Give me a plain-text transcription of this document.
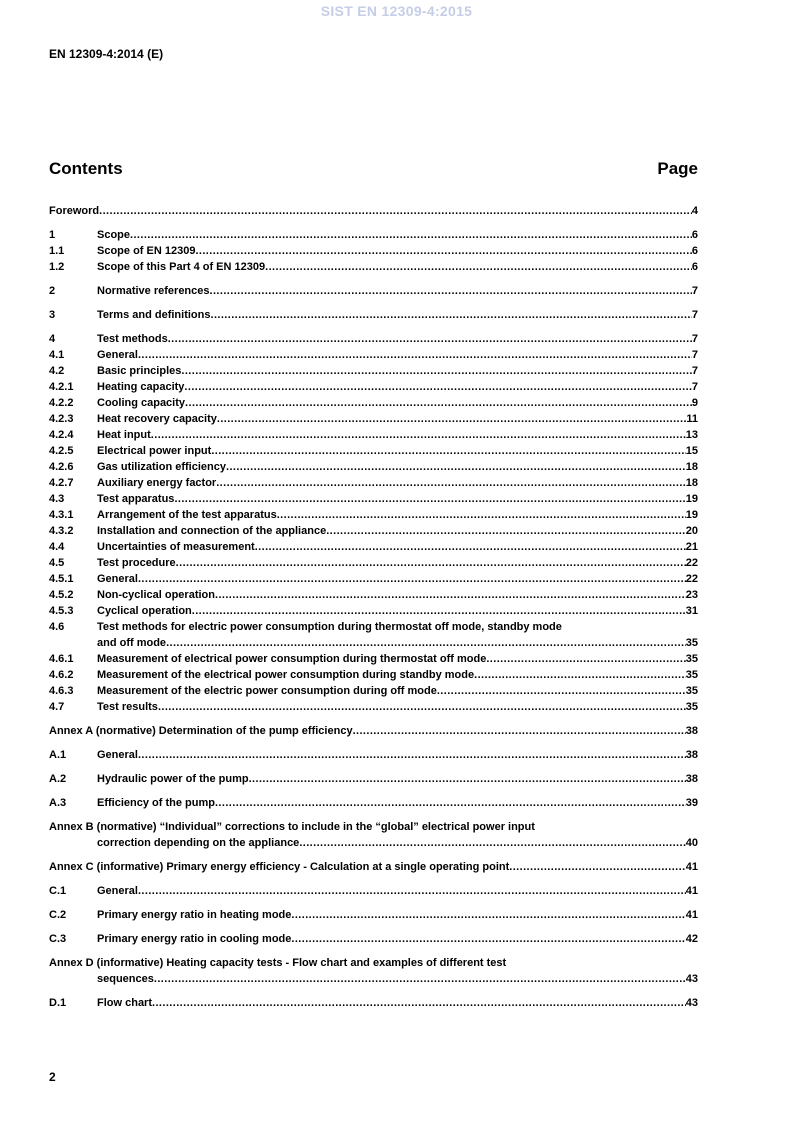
SIST EN 12309-4:2015
EN 12309-4:2014 (E)
Contents	Page
Foreword .....	4
1	Scope .....	6
1.1	Scope of EN 12309 .....	6
1.2	Scope of this Part 4 of EN 12309 .....	6
2	Normative references .....	7
3	Terms and definitions .....	7
4	Test methods .....	7
4.1	General .....	7
4.2	Basic principles .....	7
4.2.1	Heating capacity .....	7
4.2.2	Cooling capacity .....	9
4.2.3	Heat recovery capacity .....	11
4.2.4	Heat input .....	13
4.2.5	Electrical power input .....	15
4.2.6	Gas utilization efficiency .....	18
4.2.7	Auxiliary energy factor .....	18
4.3	Test apparatus .....	19
4.3.1	Arrangement of the test apparatus .....	19
4.3.2	Installation and connection of the appliance .....	20
4.4	Uncertainties of measurement .....	21
4.5	Test procedure .....	22
4.5.1	General .....	22
4.5.2	Non-cyclical operation .....	23
4.5.3	Cyclical operation .....	31
4.6	Test methods for electric power consumption during thermostat off mode, standby mode
and off mode .....	35
4.6.1	Measurement of electrical power consumption during thermostat off mode .....	35
4.6.2	Measurement of the electrical power consumption during standby mode .....	35
4.6.3	Measurement of the electric power consumption during off mode .....	35
4.7	Test results .....	35
Annex A (normative) Determination of the pump efficiency .....	38
A.1	General .....	38
A.2	Hydraulic power of the pump .....	38
A.3	Efficiency of the pump .....	39
Annex B (normative) “Individual” corrections to include in the “global” electrical power input
correction depending on the appliance .....	40
Annex C (informative) Primary energy efficiency - Calculation at a single operating point .....	41
C.1	General .....	41
C.2	Primary energy ratio in heating mode .....	41
C.3	Primary energy ratio in cooling mode .....	42
Annex D (informative) Heating capacity tests - Flow chart and examples of different test
sequences .....	43
D.1	Flow chart .....	43
2
